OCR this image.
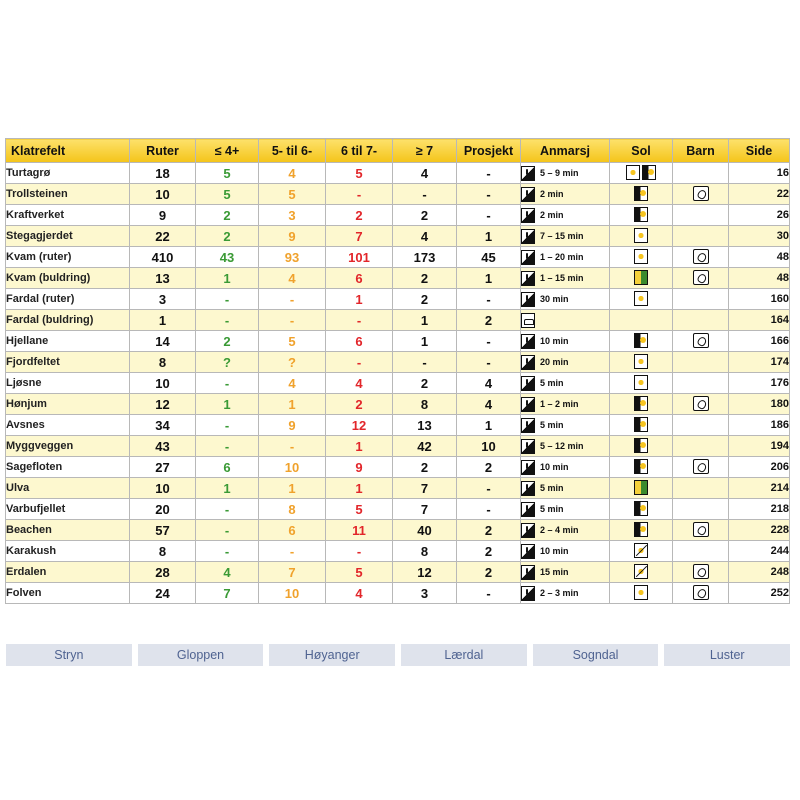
Klatrefelt	Ruter	≤ 4+	5- til 6-	6 til 7-	≥ 7	Prosjekt	Anmarsj	Sol	Barn	Side
Turtagrø	18	5	4	5	4	-	5 – 9 min			16
Trollsteinen	10	5	5	-	-	-	2 min			22
Kraftverket	9	2	3	2	2	-	2 min			26
Stegagjerdet	22	2	9	7	4	1	7 – 15 min			30
Kvam (ruter)	410	43	93	101	173	45	1 – 20 min			48
Kvam (buldring)	13	1	4	6	2	1	1 – 15 min			48
Fardal (ruter)	3	-	-	1	2	-	30 min			160
Fardal (buldring)	1	-	-	-	1	2				164
Hjellane	14	2	5	6	1	-	10 min			166
Fjordfeltet	8	?	?	-	-	-	20 min			174
Ljøsne	10	-	4	4	2	4	5 min			176
Hønjum	12	1	1	2	8	4	1 – 2 min			180
Avsnes	34	-	9	12	13	1	5 min			186
Myggveggen	43	-	-	1	42	10	5 – 12 min			194
Sagefloten	27	6	10	9	2	2	10 min			206
Ulva	10	1	1	1	7	-	5 min			214
Varbufjellet	20	-	8	5	7	-	5 min			218
Beachen	57	-	6	11	40	2	2 – 4 min			228
Karakush	8	-	-	-	8	2	10 min			244
Erdalen	28	4	7	5	12	2	15 min			248
Folven	24	7	10	4	3	-	2 – 3 min			252
Stryn	Gloppen	Høyanger	Lærdal	Sogndal	Luster
